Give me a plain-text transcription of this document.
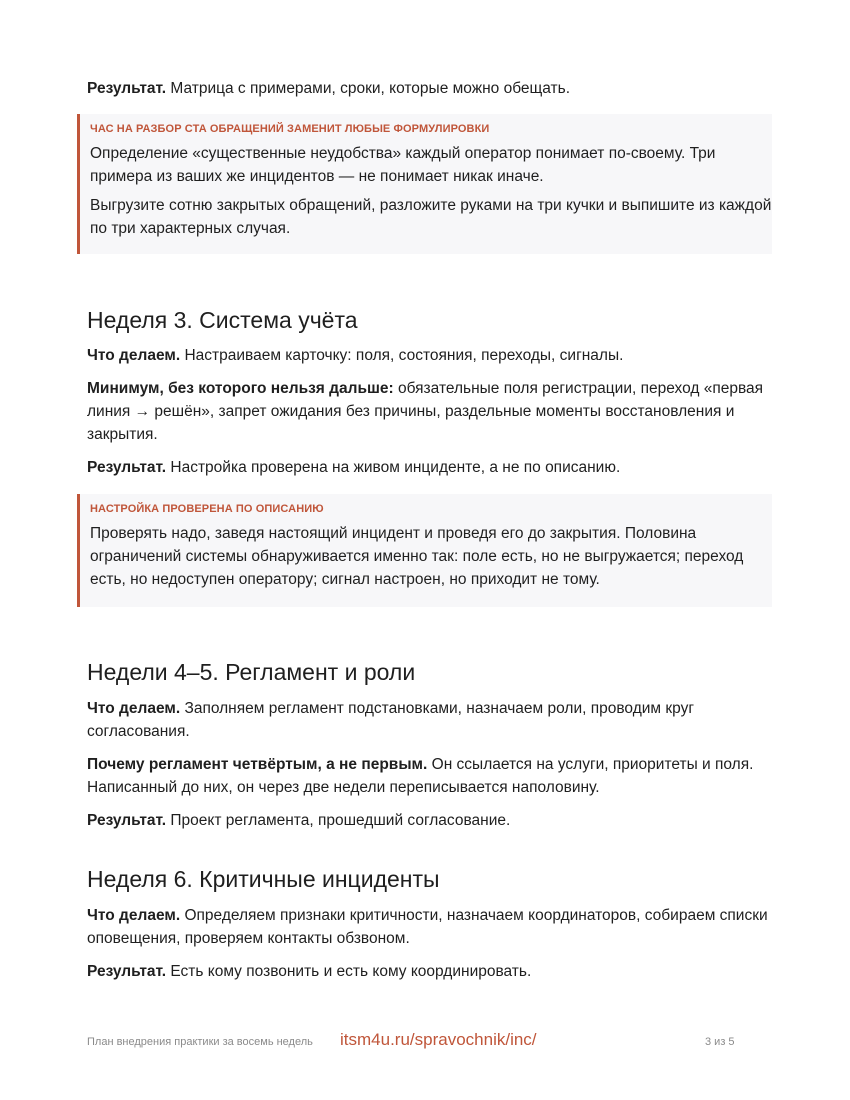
Результат. Матрица с примерами, сроки, которые можно обещать.

ЧАС НА РАЗБОР СТА ОБРАЩЕНИЙ ЗАМЕНИТ ЛЮБЫЕ ФОРМУЛИРОВКИ

Определение «существенные неудобства» каждый оператор понимает по-своему. Три примера из ваших же инцидентов — не понимает никак иначе.

Выгрузите сотню закрытых обращений, разложите руками на три кучки и выпишите из каждой по три характерных случая.

Неделя 3. Система учёта

Что делаем. Настраиваем карточку: поля, состояния, переходы, сигналы.

Минимум, без которого нельзя дальше: обязательные поля регистрации, переход «первая линия → решён», запрет ожидания без причины, раздельные моменты восстановления и закрытия.

Результат. Настройка проверена на живом инциденте, а не по описанию.

НАСТРОЙКА ПРОВЕРЕНА ПО ОПИСАНИЮ

Проверять надо, заведя настоящий инцидент и проведя его до закрытия. Половина ограничений системы обнаруживается именно так: поле есть, но не выгружается; переход есть, но недоступен оператору; сигнал настроен, но приходит не тому.

Недели 4–5. Регламент и роли

Что делаем. Заполняем регламент подстановками, назначаем роли, проводим круг согласования.

Почему регламент четвёртым, а не первым. Он ссылается на услуги, приоритеты и поля. Написанный до них, он через две недели переписывается наполовину.

Результат. Проект регламента, прошедший согласование.

Неделя 6. Критичные инциденты

Что делаем. Определяем признаки критичности, назначаем координаторов, собираем списки оповещения, проверяем контакты обзвоном.

Результат. Есть кому позвонить и есть кому координировать.

План внедрения практики за восемь недель itsm4u.ru/spravochnik/inc/	3 из 5
